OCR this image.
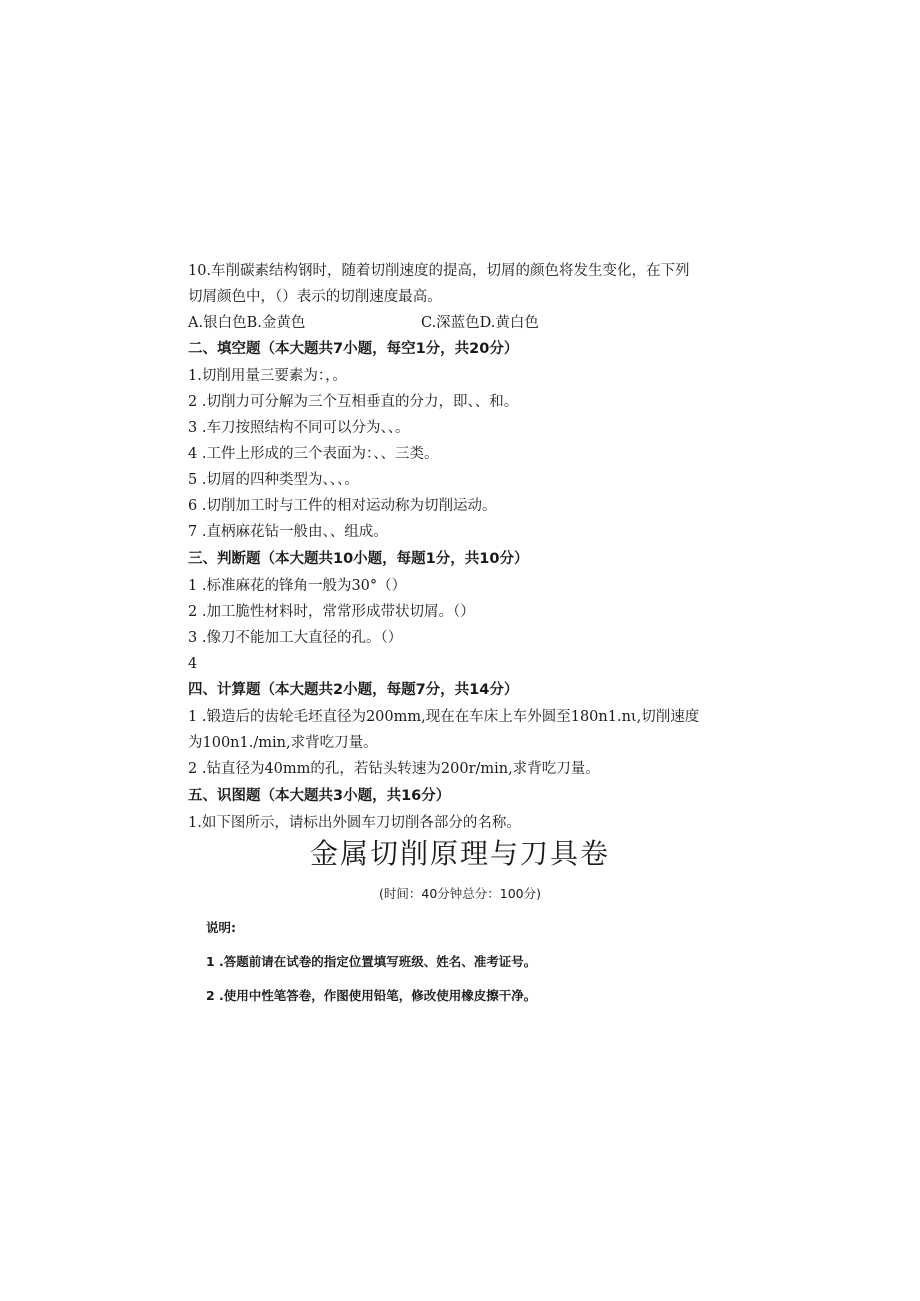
10.车削碳素结构钢时，随着切削速度的提高，切屑的颜色将发生变化，在下列
切屑颜色中，（）表示的切削速度最高。
A.银白色B.金黄色	C.深蓝色D.黄白色
二、填空题（本大题共7小题，每空1分，共20分）
1.切削用量三要素为：，。
2 .切削力可分解为三个互相垂直的分力，即、、和。
3 .车刀按照结构不同可以分为、、。
4 .工件上形成的三个表面为：、、三类。
5 .切屑的四种类型为、、、。
6 .切削加工时与工件的相对运动称为切削运动。
7 .直柄麻花钻一般由、、组成。
三、判断题（本大题共10小题，每题1分，共10分）
1 .标准麻花的锋角一般为30°（）
2 .加工脆性材料时，常常形成带状切屑。（）
3 .像刀不能加工大直径的孔。（）
4
四、计算题（本大题共2小题，每题7分，共14分）
1 .锻造后的齿轮毛坯直径为200mm,现在在车床上车外圆至180n1.nι,切削速度
为100n1./min,求背吃刀量。
2 .钻直径为40mm的孔，若钻头转速为200r/min,求背吃刀量。
五、识图题（本大题共3小题，共16分）
1.如下图所示，请标出外圆车刀切削各部分的名称。
金属切削原理与刀具卷
(时间：40分钟总分：100分)
说明:
1 .答题前请在试卷的指定位置填写班级、姓名、准考证号。
2 .使用中性笔答卷，作图使用铅笔，修改使用橡皮擦干净。
